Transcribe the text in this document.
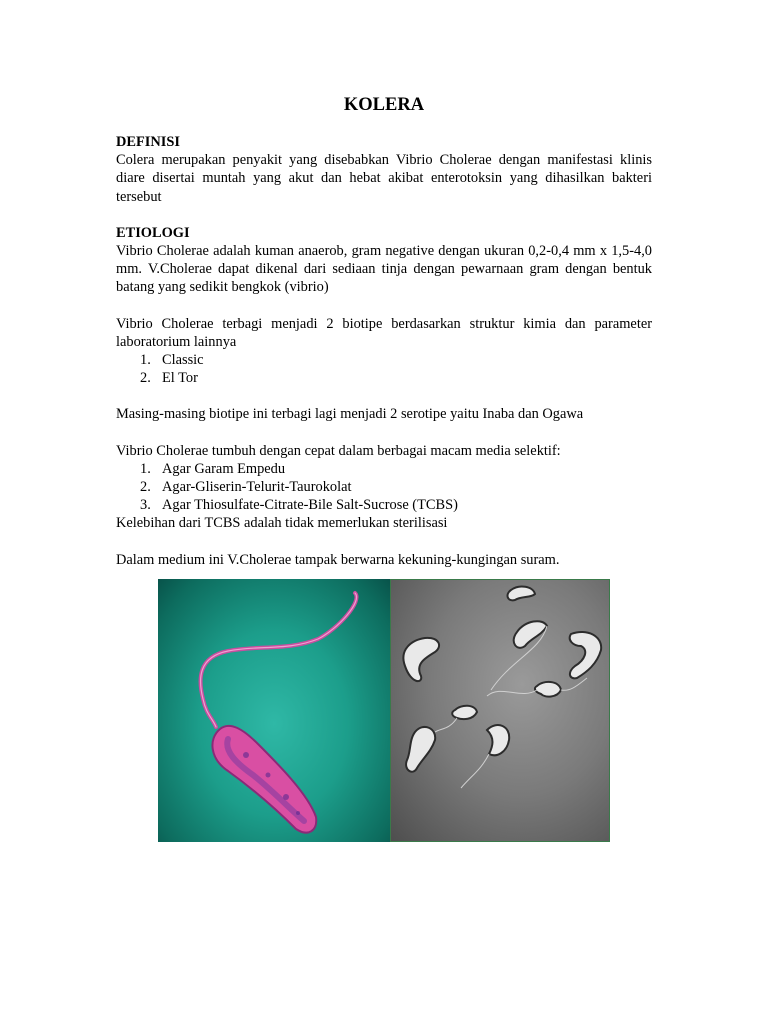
KOLERA
DEFINISI

Colera merupakan penyakit yang disebabkan Vibrio Cholerae dengan manifestasi klinis diare disertai muntah yang akut dan hebat akibat enterotoksin yang dihasilkan bakteri tersebut

ETIOLOGI

Vibrio Cholerae adalah kuman anaerob, gram negative dengan ukuran 0,2-0,4 mm x 1,5-4,0 mm. V.Cholerae dapat dikenal dari sediaan tinja dengan pewarnaan gram dengan bentuk batang yang sedikit bengkok (vibrio)

Vibrio Cholerae terbagi menjadi 2 biotipe berdasarkan struktur kimia dan parameter laboratorium lainnya

1. Classic
2. El Tor

Masing-masing biotipe ini terbagi lagi menjadi 2 serotipe yaitu Inaba dan Ogawa

Vibrio Cholerae tumbuh dengan cepat dalam berbagai macam media selektif:

1. Agar Garam Empedu
2. Agar-Gliserin-Telurit-Taurokolat
3. Agar Thiosulfate-Citrate-Bile Salt-Sucrose (TCBS)

Kelebihan dari TCBS adalah tidak memerlukan sterilisasi

Dalam medium ini V.Cholerae tampak berwarna kekuning-kungingan suram.
